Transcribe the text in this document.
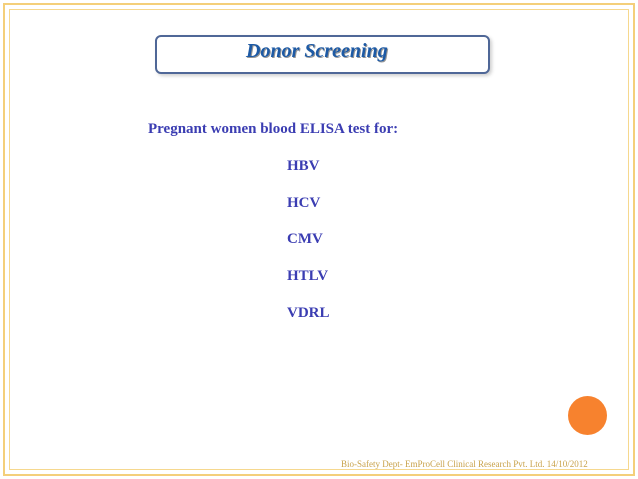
Donor Screening
Pregnant women blood ELISA test for:
HBV
HCV
CMV
HTLV
VDRL
Bio-Safety Dept- EmProCell Clinical Research Pvt. Ltd. 14/10/2012
